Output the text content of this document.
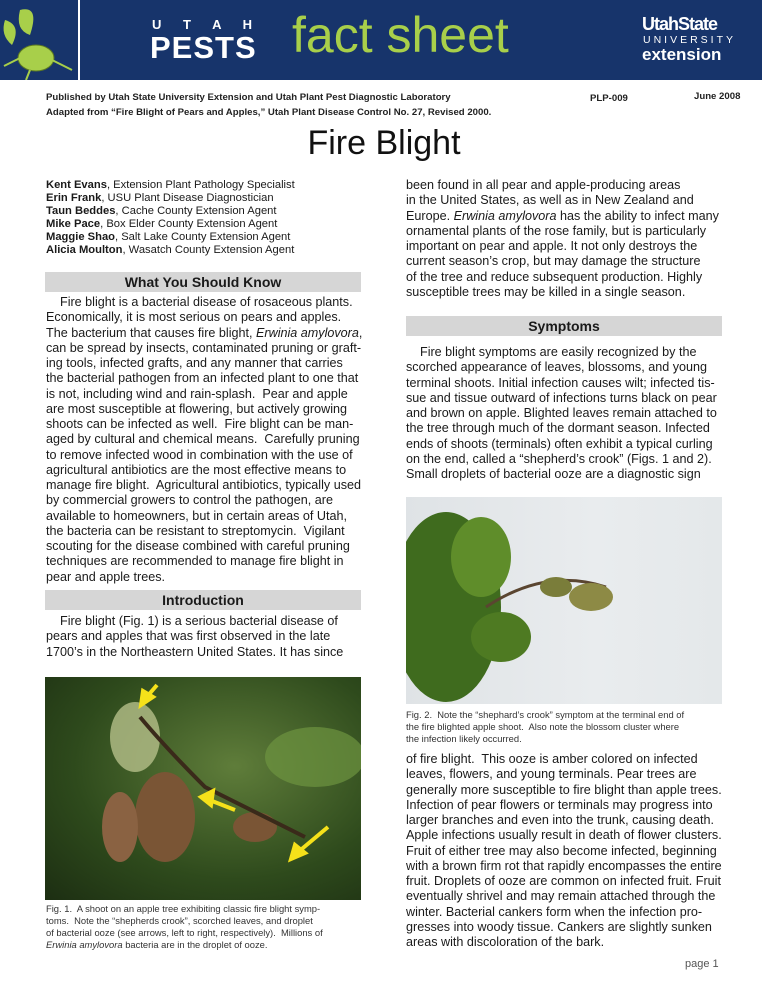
U T A H
PESTS fact sheet	UtahState
UNIVERSITY
extension
Published by Utah State University Extension and Utah Plant Pest Diagnostic Laboratory
Adapted from “Fire Blight of Pears and Apples,” Utah Plant Disease Control No. 27, Revised 2000.
PLP-009	June 2008
Fire Blight
Kent Evans, Extension Plant Pathology Specialist
Erin Frank, USU Plant Disease Diagnostician
Taun Beddes, Cache County Extension Agent
Mike Pace, Box Elder County Extension Agent
Maggie Shao, Salt Lake County Extension Agent
Alicia Moulton, Wasatch County Extension Agent
What You Should Know
Fire blight is a bacterial disease of rosaceous plants.
Economically, it is most serious on pears and apples.
The bacterium that causes fire blight, Erwinia amylovora,
can be spread by insects, contaminated pruning or graft-
ing tools, infected grafts, and any manner that carries
the bacterial pathogen from an infected plant to one that
is not, including wind and rain-splash.  Pear and apple
are most susceptible at flowering, but actively growing
shoots can be infected as well.  Fire blight can be man-
aged by cultural and chemical means.  Carefully pruning
to remove infected wood in combination with the use of
agricultural antibiotics are the most effective means to
manage fire blight.  Agricultural antibiotics, typically used
by commercial growers to control the pathogen, are
available to homeowners, but in certain areas of Utah,
the bacteria can be resistant to streptomycin.  Vigilant
scouting for the disease combined with careful pruning
techniques are recommended to manage fire blight in
pear and apple trees.
Introduction
Fire blight (Fig. 1) is a serious bacterial disease of
pears and apples that was first observed in the late
1700’s in the Northeastern United States. It has since
Fig. 1.  A shoot on an apple tree exhibiting classic fire blight symp-
toms.  Note the “shepherds crook”, scorched leaves, and droplet
of bacterial ooze (see arrows, left to right, respectively).  Millions of
Erwinia amylovora bacteria are in the droplet of ooze.
been found in all pear and apple-producing areas
in the United States, as well as in New Zealand and
Europe. Erwinia amylovora has the ability to infect many
ornamental plants of the rose family, but is particularly
important on pear and apple. It not only destroys the
current season’s crop, but may damage the structure
of the tree and reduce subsequent production. Highly
susceptible trees may be killed in a single season.
Symptoms
Fire blight symptoms are easily recognized by the
scorched appearance of leaves, blossoms, and young
terminal shoots. Initial infection causes wilt; infected tis-
sue and tissue outward of infections turns black on pear
and brown on apple. Blighted leaves remain attached to
the tree through much of the dormant season. Infected
ends of shoots (terminals) often exhibit a typical curling
on the end, called a “shepherd’s crook” (Figs. 1 and 2).
Small droplets of bacterial ooze are a diagnostic sign
Fig. 2.  Note the “shephard’s crook” symptom at the terminal end of
the fire blighted apple shoot.  Also note the blossom cluster where
the infection likely occurred.
of fire blight.  This ooze is amber colored on infected
leaves, flowers, and young terminals. Pear trees are
generally more susceptible to fire blight than apple trees.
Infection of pear flowers or terminals may progress into
larger branches and even into the trunk, causing death.
Apple infections usually result in death of flower clusters.
Fruit of either tree may also become infected, beginning
with a brown firm rot that rapidly encompasses the entire
fruit. Droplets of ooze are common on infected fruit. Fruit
eventually shrivel and may remain attached through the
winter. Bacterial cankers form when the infection pro-
gresses into woody tissue. Cankers are slightly sunken
areas with discoloration of the bark.
page 1
